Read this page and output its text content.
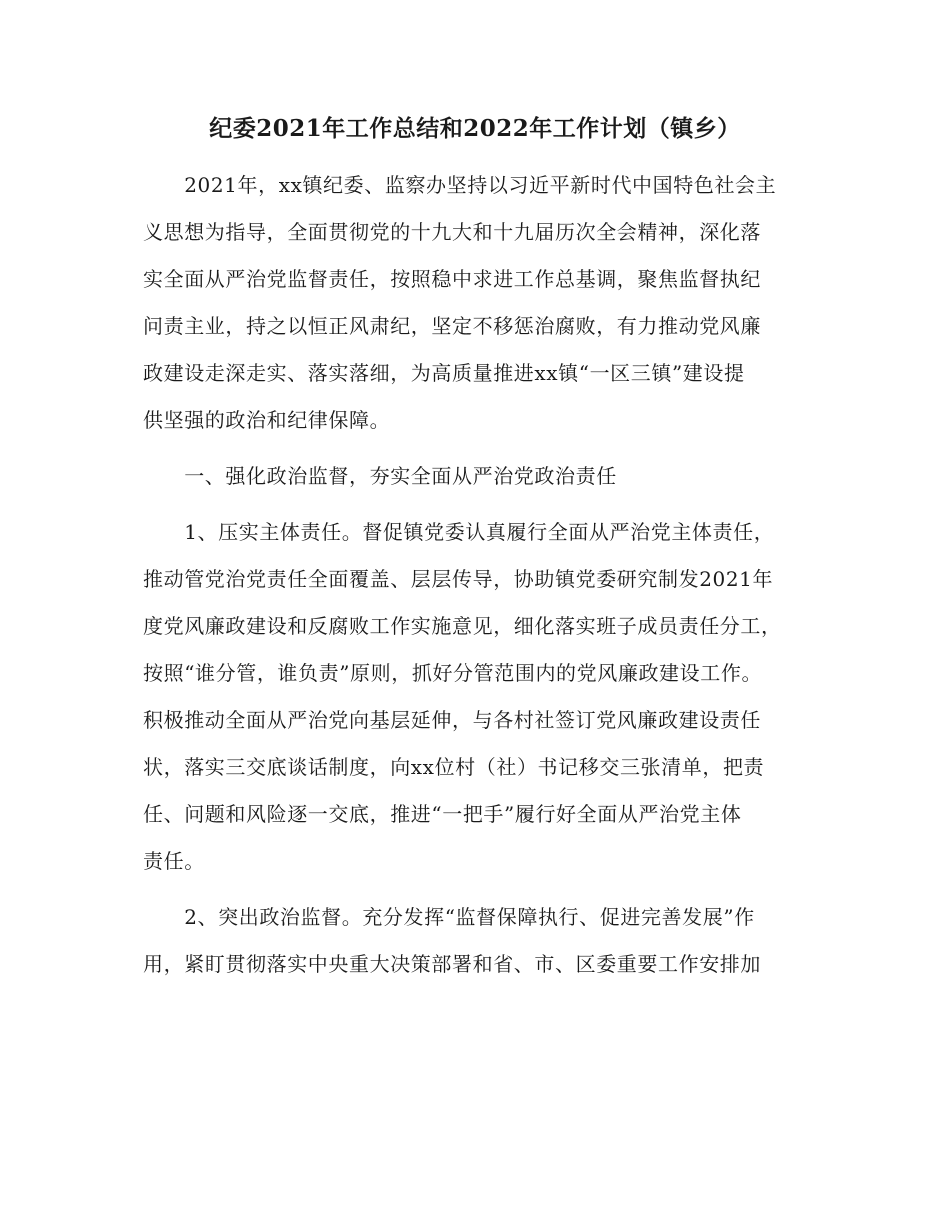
纪委2021年工作总结和2022年工作计划（镇乡）
　　2021年，xx镇纪委、监察办坚持以习近平新时代中国特色社会主
义思想为指导，全面贯彻党的十九大和十九届历次全会精神，深化落
实全面从严治党监督责任，按照稳中求进工作总基调，聚焦监督执纪
问责主业，持之以恒正风肃纪，坚定不移惩治腐败，有力推动党风廉
政建设走深走实、落实落细，为高质量推进xx镇“一区三镇”建设提
供坚强的政治和纪律保障。
　　一、强化政治监督，夯实全面从严治党政治责任
　　1、压实主体责任。督促镇党委认真履行全面从严治党主体责任，
推动管党治党责任全面覆盖、层层传导，协助镇党委研究制发2021年
度党风廉政建设和反腐败工作实施意见，细化落实班子成员责任分工，
按照“谁分管，谁负责”原则，抓好分管范围内的党风廉政建设工作。
积极推动全面从严治党向基层延伸，与各村社签订党风廉政建设责任
状，落实三交底谈话制度，向xx位村（社）书记移交三张清单，把责
任、问题和风险逐一交底，推进“一把手”履行好全面从严治党主体
责任。
　　2、突出政治监督。充分发挥“监督保障执行、促进完善发展”作
用，紧盯贯彻落实中央重大决策部署和省、市、区委重要工作安排加
